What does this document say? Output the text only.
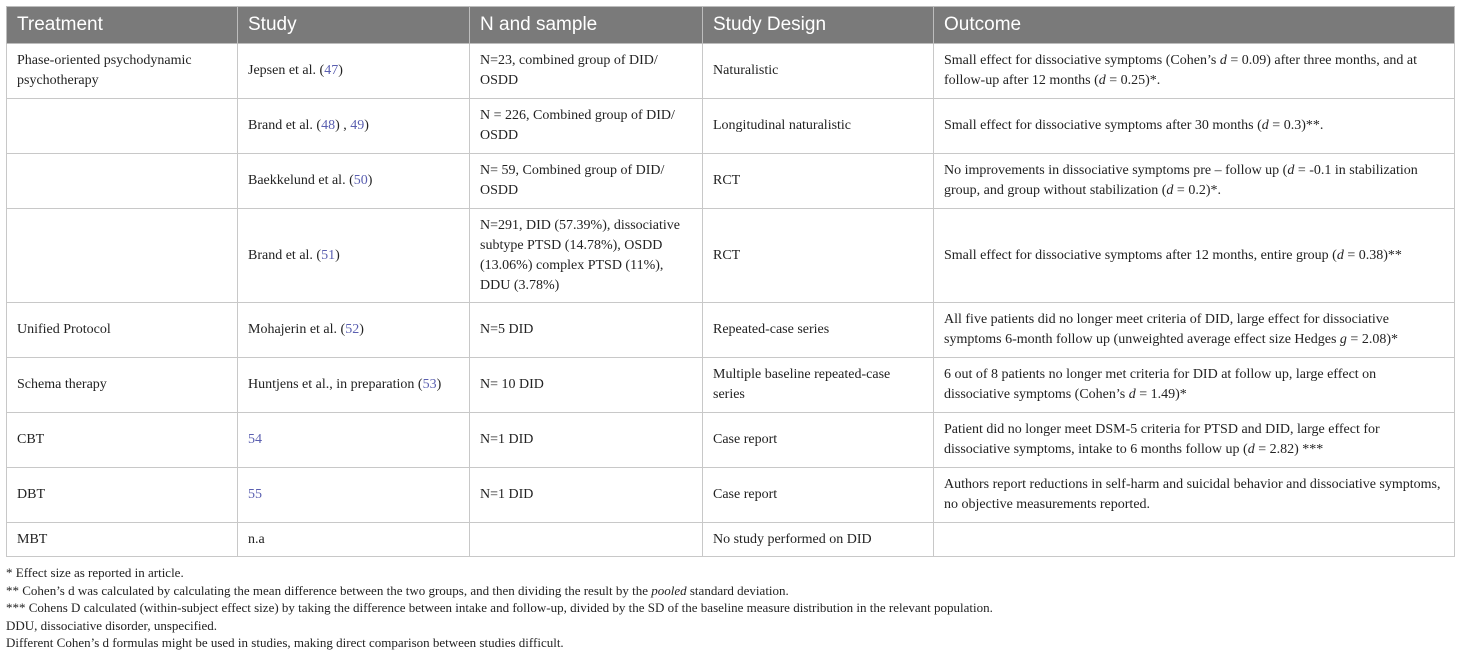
Treatment	Study	N and sample	Study Design	Outcome
Phase-oriented psychodynamic psychotherapy	Jepsen et al. (47)	N=23, combined group of DID/ OSDD	Naturalistic	Small effect for dissociative symptoms (Cohen’s d = 0.09) after three months, and at follow-up after 12 months (d = 0.25)*.
	Brand et al. (48) , 49)	N = 226, Combined group of DID/ OSDD	Longitudinal naturalistic	Small effect for dissociative symptoms after 30 months (d = 0.3)**.
	Baekkelund et al. (50)	N= 59, Combined group of DID/ OSDD	RCT	No improvements in dissociative symptoms pre – follow up (d = -0.1 in stabilization group, and group without stabilization (d = 0.2)*.
	Brand et al. (51)	N=291, DID (57.39%), dissociative subtype PTSD (14.78%), OSDD (13.06%) complex PTSD (11%), DDU (3.78%)	RCT	Small effect for dissociative symptoms after 12 months, entire group (d = 0.38)**
Unified Protocol	Mohajerin et al. (52)	N=5 DID	Repeated-case series	All five patients did no longer meet criteria of DID, large effect for dissociative symptoms 6-month follow up (unweighted average effect size Hedges g = 2.08)*
Schema therapy	Huntjens et al., in preparation (53)	N= 10 DID	Multiple baseline repeated-case series	6 out of 8 patients no longer met criteria for DID at follow up, large effect on dissociative symptoms (Cohen’s d = 1.49)*
CBT	54	N=1 DID	Case report	Patient did no longer meet DSM-5 criteria for PTSD and DID, large effect for dissociative symptoms, intake to 6 months follow up (d = 2.82) ***
DBT	55	N=1 DID	Case report	Authors report reductions in self-harm and suicidal behavior and dissociative symptoms, no objective measurements reported.
MBT	n.a		No study performed on DID	
* Effect size as reported in article.
** Cohen’s d was calculated by calculating the mean difference between the two groups, and then dividing the result by the pooled standard deviation.
*** Cohens D calculated (within-subject effect size) by taking the difference between intake and follow-up, divided by the SD of the baseline measure distribution in the relevant population.
DDU, dissociative disorder, unspecified.
Different Cohen’s d formulas might be used in studies, making direct comparison between studies difficult.
